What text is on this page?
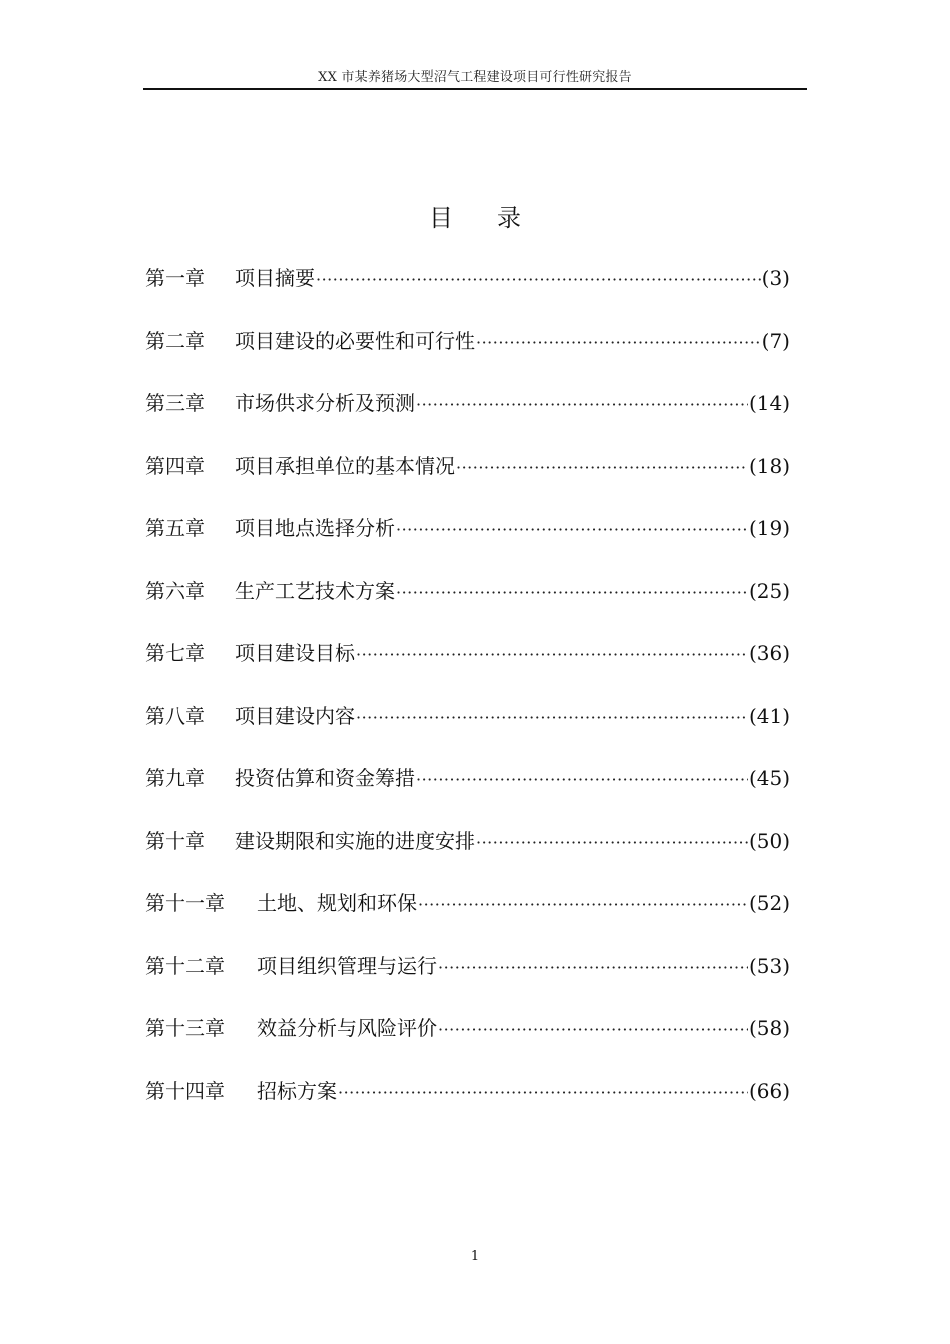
XX 市某养猪场大型沼气工程建设项目可行性研究报告
目 录
第一章	项目摘要 ·····	(3)
第二章	项目建设的必要性和可行性 ·····	(7)
第三章	市场供求分析及预测 ·····	(14)
第四章	项目承担单位的基本情况 ·····	(18)
第五章	项目地点选择分析 ·····	(19)
第六章	生产工艺技术方案 ·····	(25)
第七章	项目建设目标 ·····	(36)
第八章	项目建设内容 ·····	(41)
第九章	投资估算和资金筹措 ·····	(45)
第十章	建设期限和实施的进度安排 ·····	(50)
第十一章	土地、规划和环保 ·····	(52)
第十二章	项目组织管理与运行 ·····	(53)
第十三章	效益分析与风险评价 ·····	(58)
第十四章	招标方案 ·····	(66)
1
